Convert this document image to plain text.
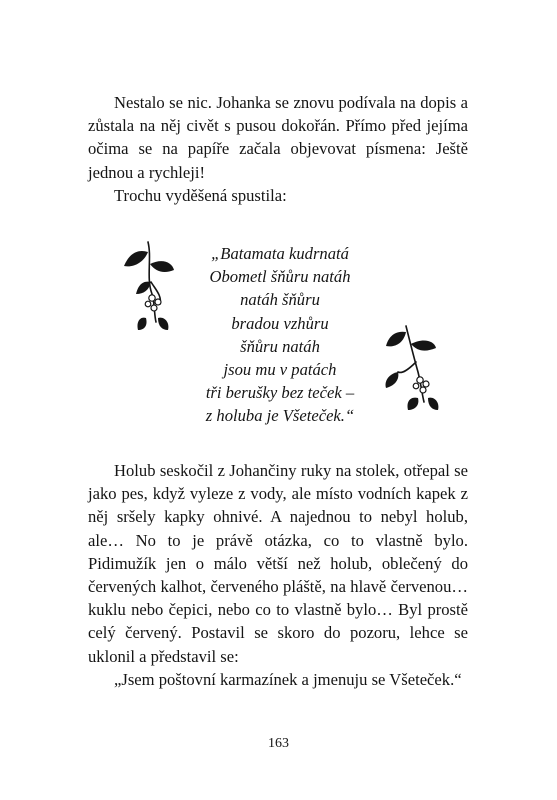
Nestalo se nic. Johanka se znovu podívala na dopis a zůstala na něj civět s pusou dokořán. Přímo před jejíma očima se na papíře začala objevovat písmena: Ještě jednou a rychleji!

Trochu vyděšená spustila:

„Batamata kudrnatá
Obometl šňůru natáh
natáh šňůru
bradou vzhůru
šňůru natáh
jsou mu v patách
tři berušky bez teček –
z holuba je Všeteček.“

Holub seskočil z Johančiny ruky na stolek, otřepal se jako pes, když vyleze z vody, ale místo vodních kapek z něj sršely kapky ohnivé. A najednou to nebyl holub, ale… No to je právě otázka, co to vlastně bylo. Pidimužík jen o málo větší než holub, oblečený do červených kalhot, červeného pláště, na hlavě červenou… kuklu nebo čepici, nebo co to vlastně bylo… Byl prostě celý červený. Postavil se skoro do pozoru, lehce se uklonil a představil se:

„Jsem poštovní karmazínek a jmenuju se Všeteček.“

163
